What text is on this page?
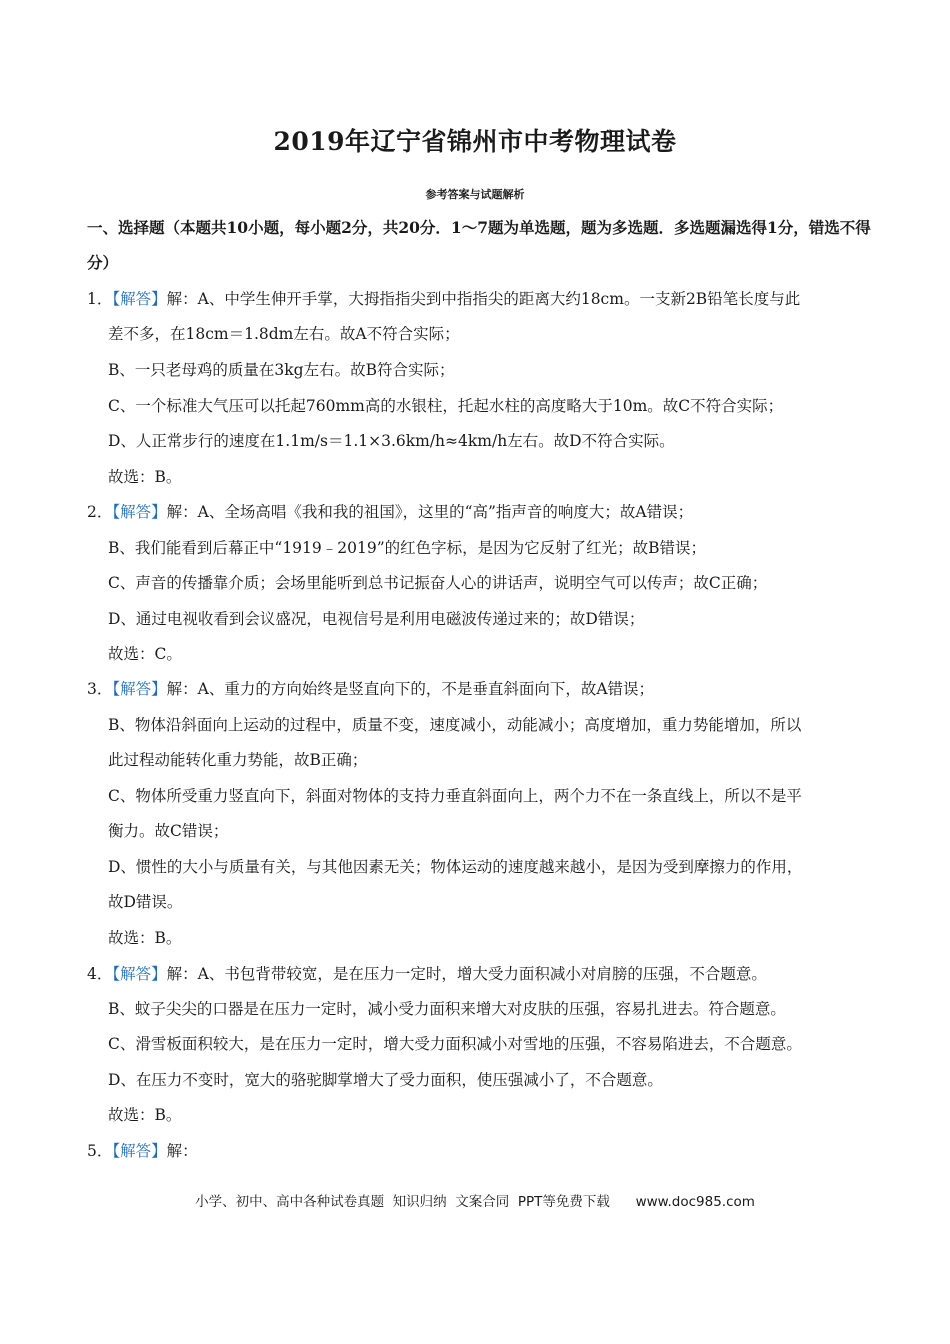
2019年辽宁省锦州市中考物理试卷
参考答案与试题解析
一、选择题（本题共10小题，每小题2分，共20分．1～7题为单选题，题为多选题．多选题漏选得1分，错选不得分）
1．【解答】解：A、中学生伸开手掌，大拇指指尖到中指指尖的距离大约18cm。一支新2B铅笔长度与此
差不多，在18cm＝1.8dm左右。故A不符合实际；
B、一只老母鸡的质量在3kg左右。故B符合实际；
C、一个标准大气压可以托起760mm高的水银柱，托起水柱的高度略大于10m。故C不符合实际；
D、人正常步行的速度在1.1m/s＝1.1×3.6km/h≈4km/h左右。故D不符合实际。
故选：B。
2．【解答】解：A、全场高唱《我和我的祖国》，这里的“高”指声音的响度大；故A错误；
B、我们能看到后幕正中“1919﹣2019”的红色字标，是因为它反射了红光；故B错误；
C、声音的传播靠介质；会场里能听到总书记振奋人心的讲话声，说明空气可以传声；故C正确；
D、通过电视收看到会议盛况，电视信号是利用电磁波传递过来的；故D错误；
故选：C。
3．【解答】解：A、重力的方向始终是竖直向下的，不是垂直斜面向下，故A错误；
B、物体沿斜面向上运动的过程中，质量不变，速度减小，动能减小；高度增加，重力势能增加，所以
此过程动能转化重力势能，故B正确；
C、物体所受重力竖直向下，斜面对物体的支持力垂直斜面向上，两个力不在一条直线上，所以不是平
衡力。故C错误；
D、惯性的大小与质量有关，与其他因素无关；物体运动的速度越来越小，是因为受到摩擦力的作用，
故D错误。
故选：B。
4．【解答】解：A、书包背带较宽，是在压力一定时，增大受力面积减小对肩膀的压强，不合题意。
B、蚊子尖尖的口器是在压力一定时，减小受力面积来增大对皮肤的压强，容易扎进去。符合题意。
C、滑雪板面积较大，是在压力一定时，增大受力面积减小对雪地的压强，不容易陷进去，不合题意。
D、在压力不变时，宽大的骆驼脚掌增大了受力面积，使压强减小了，不合题意。
故选：B。
5．【解答】解：
小学、初中、高中各种试卷真题  知识归纳  文案合同  PPT等免费下载      www.doc985.com
